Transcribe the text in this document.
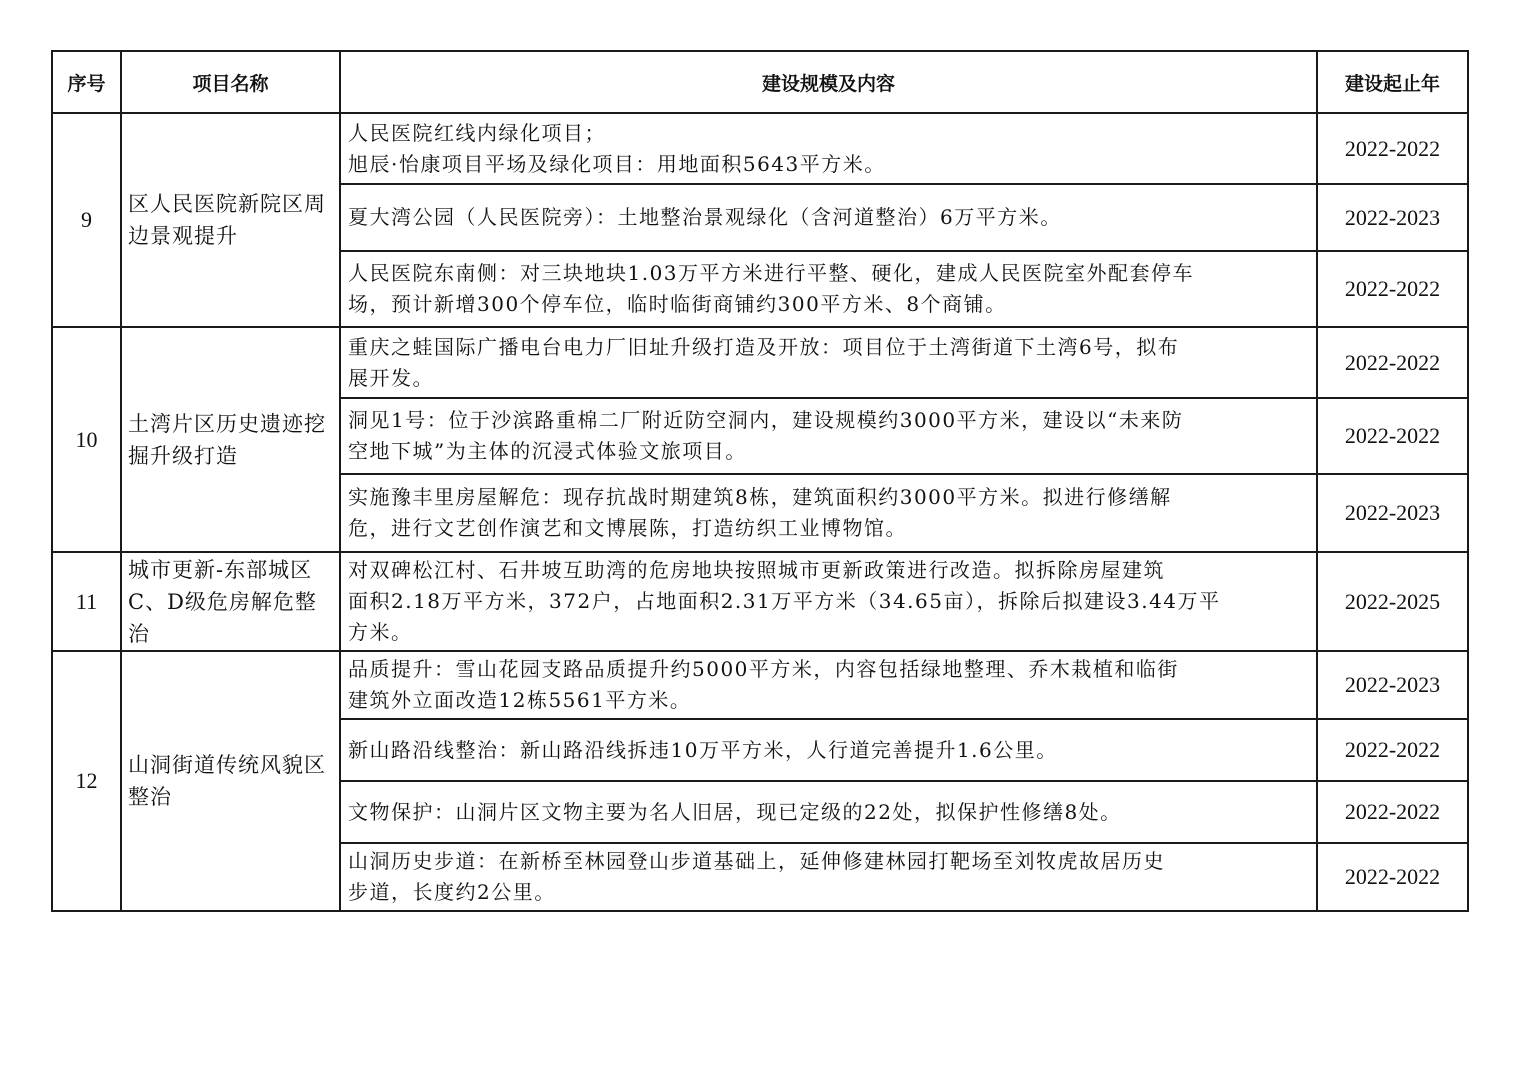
序号	项目名称	建设规模及内容	建设起止年
9	区人民医院新院区周边景观提升	人民医院红线内绿化项目；
旭辰·怡康项目平场及绿化项目：用地面积5643平方米。	2022-2022

		夏大湾公园（人民医院旁）：土地整治景观绿化（含河道整治）6万平方米。	2022-2023

		人民医院东南侧：对三块地块1.03万平方米进行平整、硬化，建成人民医院室外配套停车
场，预计新增300个停车位，临时临街商铺约300平方米、8个商铺。	2022-2022
10	土湾片区历史遗迹挖掘升级打造	重庆之蛙国际广播电台电力厂旧址升级打造及开放：项目位于土湾街道下土湾6号，拟布
展开发。	2022-2022

		洞见1号：位于沙滨路重棉二厂附近防空洞内，建设规模约3000平方米，建设以“未来防
空地下城”为主体的沉浸式体验文旅项目。	2022-2022

		实施豫丰里房屋解危：现存抗战时期建筑8栋，建筑面积约3000平方米。拟进行修缮解
危，进行文艺创作演艺和文博展陈，打造纺织工业博物馆。	2022-2023
11	城市更新-东部城区C、D级危房解危整治	对双碑松江村、石井坡互助湾的危房地块按照城市更新政策进行改造。拟拆除房屋建筑
面积2.18万平方米，372户，占地面积2.31万平方米（34.65亩），拆除后拟建设3.44万平
方米。	2022-2025
12	山洞街道传统风貌区整治	品质提升：雪山花园支路品质提升约5000平方米，内容包括绿地整理、乔木栽植和临街
建筑外立面改造12栋5561平方米。	2022-2023

		新山路沿线整治：新山路沿线拆违10万平方米，人行道完善提升1.6公里。	2022-2022

		文物保护：山洞片区文物主要为名人旧居，现已定级的22处，拟保护性修缮8处。	2022-2022

		山洞历史步道：在新桥至林园登山步道基础上，延伸修建林园打靶场至刘牧虎故居历史
步道，长度约2公里。	2022-2022
